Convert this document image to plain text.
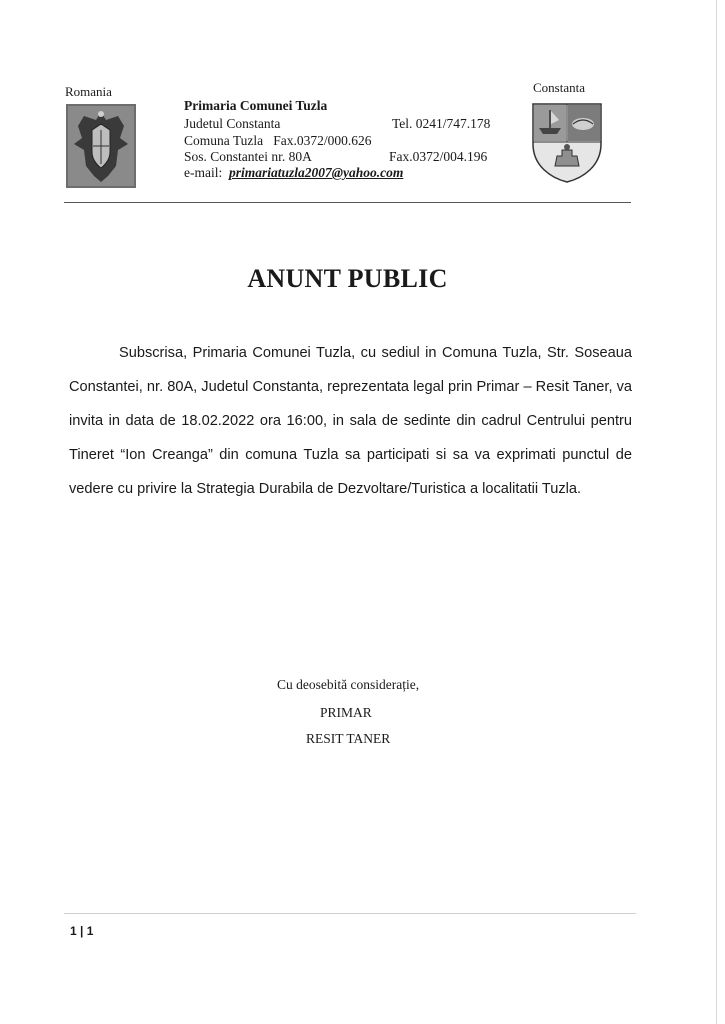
Romania	Constanta
Primaria Comunei Tuzla
Judetul Constanta	Tel. 0241/747.178
Comuna Tuzla Fax.0372/000.626
Sos. Constantei nr. 80A	Fax.0372/004.196
e-mail: primariatuzla2007@yahoo.com
ANUNT PUBLIC

Subscrisa, Primaria Comunei Tuzla, cu sediul in Comuna Tuzla, Str. Soseaua Constantei, nr. 80A, Judetul Constanta, reprezentata legal prin Primar – Resit Taner, va invita in data de 18.02.2022 ora 16:00, in sala de sedinte din cadrul Centrului pentru Tineret “Ion Creanga” din comuna Tuzla sa participati si sa va exprimati punctul de vedere cu privire la Strategia Durabila de Dezvoltare/Turistica a localitatii Tuzla.

Cu deosebită considerație,
PRIMAR
RESIT TANER
1 | 1
